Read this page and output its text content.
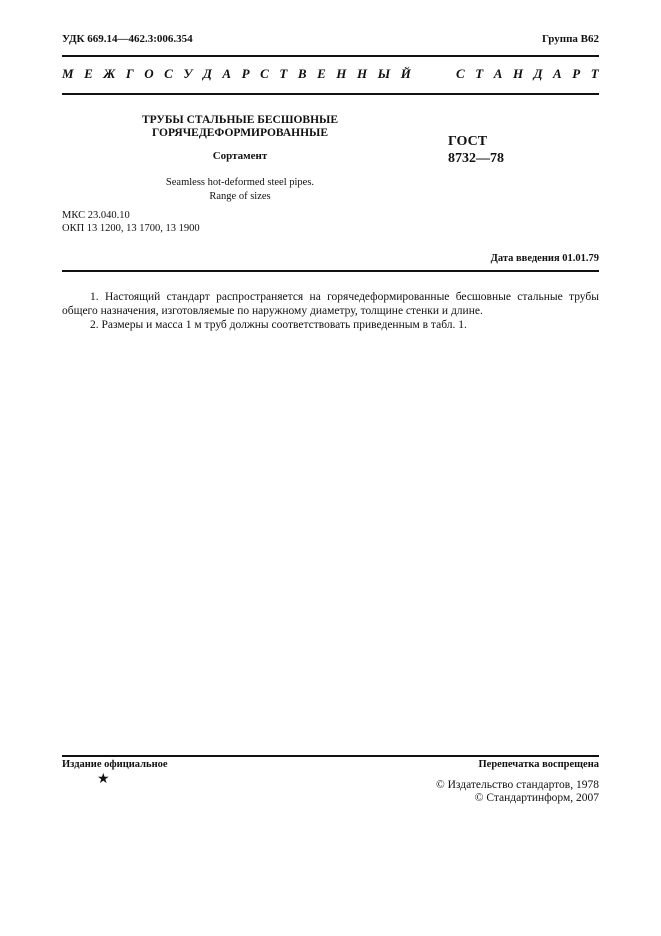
УДК 669.14—462.3:006.354	Группа В62
М Е Ж Г О С У Д А Р С Т В Е Н Н Ы Й	С Т А Н Д А Р Т
ТРУБЫ СТАЛЬНЫЕ БЕСШОВНЫЕ
ГОРЯЧЕДЕФОРМИРОВАННЫЕ
Сортамент
Seamless hot-deformed steel pipes.
Range of sizes
ГОСТ
8732—78
МКС 23.040.10
ОКП 13 1200, 13 1700, 13 1900
Дата введения 01.01.79

1. Настоящий стандарт распространяется на горячедеформированные бесшовные стальные трубы общего назначения, изготовляемые по наружному диаметру, толщине стенки и длине.

2. Размеры и масса 1 м труб должны соответствовать приведенным в табл. 1.

Издание официальное	Перепечатка воспрещена
★	© Издательство стандартов, 1978
© Стандартинформ, 2007
